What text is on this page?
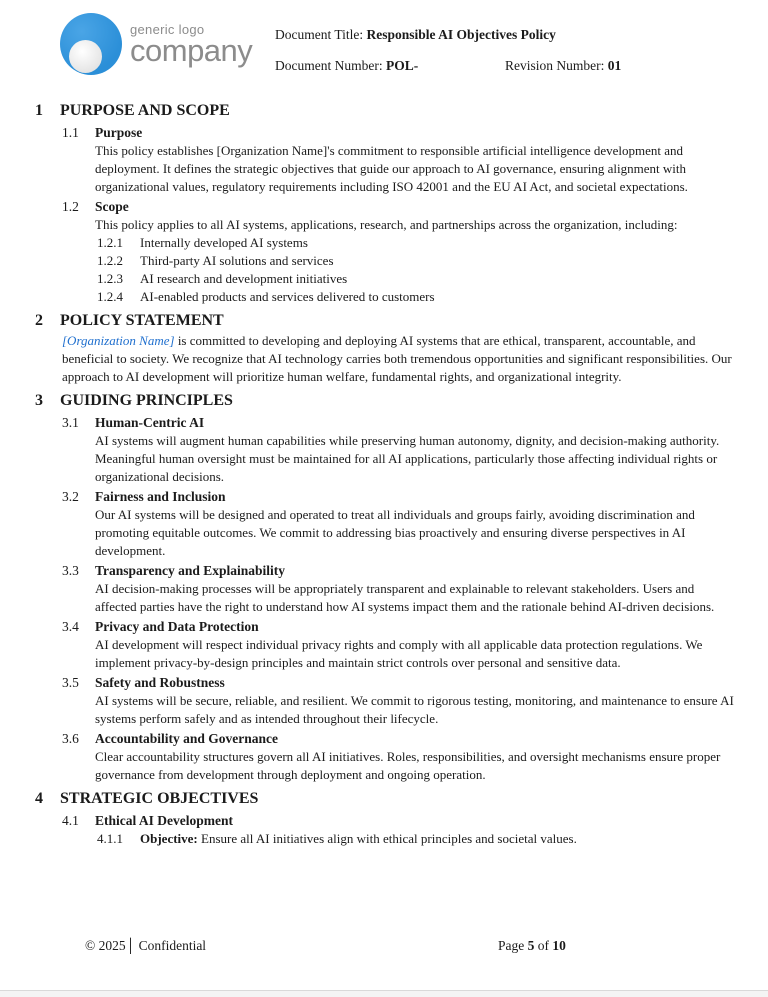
generic logo
company Document Title: Responsible AI Objectives Policy
Document Number: POL-	Revision Number: 01
1 PURPOSE AND SCOPE
1.1 Purpose
This policy establishes [Organization Name]'s commitment to responsible artificial intelligence development and deployment. It defines the strategic objectives that guide our approach to AI governance, ensuring alignment with organizational values, regulatory requirements including ISO 42001 and the EU AI Act, and societal expectations.
1.2 Scope
This policy applies to all AI systems, applications, research, and partnerships across the organization, including:
1.2.1 Internally developed AI systems
1.2.2 Third-party AI solutions and services
1.2.3 AI research and development initiatives
1.2.4 AI-enabled products and services delivered to customers
2 POLICY STATEMENT
[Organization Name] is committed to developing and deploying AI systems that are ethical, transparent, accountable, and beneficial to society. We recognize that AI technology carries both tremendous opportunities and significant responsibilities. Our approach to AI development will prioritize human welfare, fundamental rights, and organizational integrity.
3 GUIDING PRINCIPLES
3.1 Human-Centric AI
AI systems will augment human capabilities while preserving human autonomy, dignity, and decision-making authority. Meaningful human oversight must be maintained for all AI applications, particularly those affecting individual rights or organizational decisions.
3.2 Fairness and Inclusion
Our AI systems will be designed and operated to treat all individuals and groups fairly, avoiding discrimination and promoting equitable outcomes. We commit to addressing bias proactively and ensuring diverse perspectives in AI development.
3.3 Transparency and Explainability
AI decision-making processes will be appropriately transparent and explainable to relevant stakeholders. Users and affected parties have the right to understand how AI systems impact them and the rationale behind AI-driven decisions.
3.4 Privacy and Data Protection
AI development will respect individual privacy rights and comply with all applicable data protection regulations. We implement privacy-by-design principles and maintain strict controls over personal and sensitive data.
3.5 Safety and Robustness
AI systems will be secure, reliable, and resilient. We commit to rigorous testing, monitoring, and maintenance to ensure AI systems perform safely and as intended throughout their lifecycle.
3.6 Accountability and Governance
Clear accountability structures govern all AI initiatives. Roles, responsibilities, and oversight mechanisms ensure proper governance from development through deployment and ongoing operation.
4 STRATEGIC OBJECTIVES
4.1 Ethical AI Development
4.1.1 Objective: Ensure all AI initiatives align with ethical principles and societal values.
© 2025│ Confidential	Page 5 of 10
